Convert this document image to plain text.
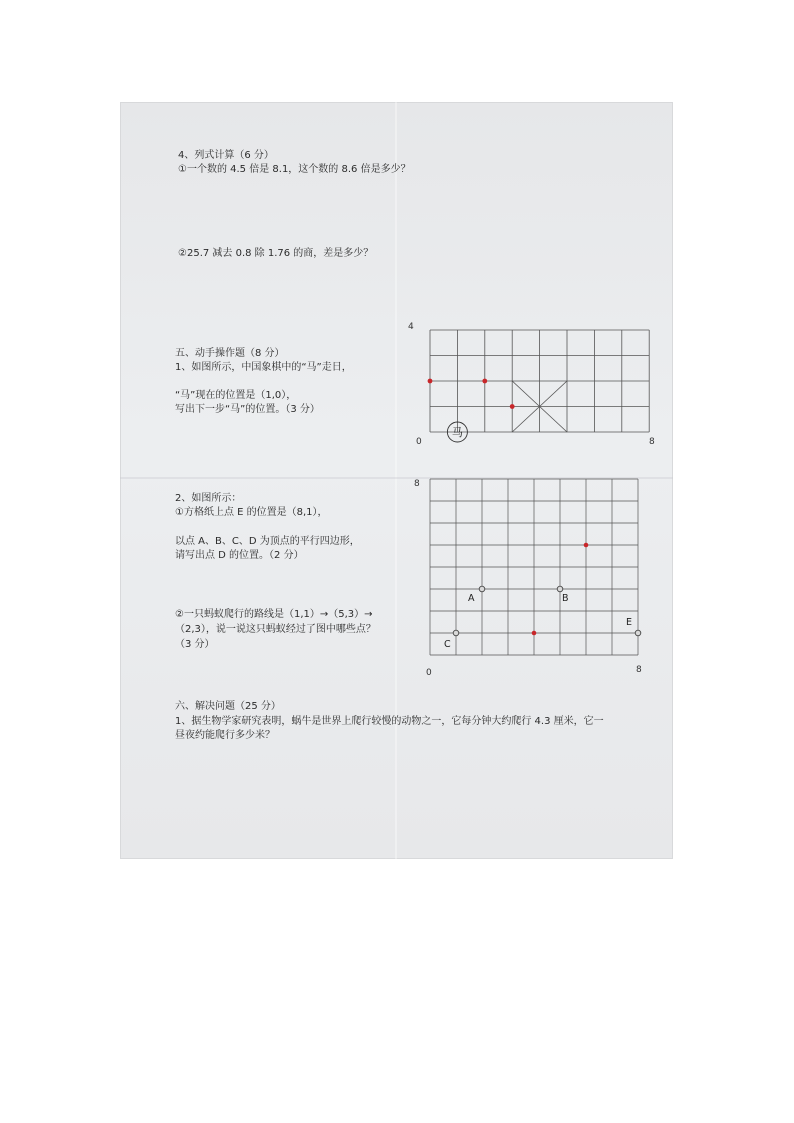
4、列式计算（6 分）
①一个数的 4.5 倍是 8.1，这个数的 8.6 倍是多少？
②25.7 减去 0.8 除 1.76 的商，差是多少？
五、动手操作题（8 分）
1、如图所示，中国象棋中的“马”走日，
“马”现在的位置是（1,0），
写出下一步“马”的位置。（3 分）
2、如图所示：
①方格纸上点 E 的位置是（8,1），
以点 A、B、C、D 为顶点的平行四边形，
请写出点 D 的位置。（2 分）
②一只蚂蚁爬行的路线是（1,1）→（5,3）→
（2,3），说一说这只蚂蚁经过了图中哪些点？
（3 分）
六、解决问题（25 分）
1、据生物学家研究表明，蜗牛是世界上爬行较慢的动物之一，它每分钟大约爬行 4.3 厘米，它一
昼夜约能爬行多少米？
4
0	8
马
8
0	8
A	B
C
E
